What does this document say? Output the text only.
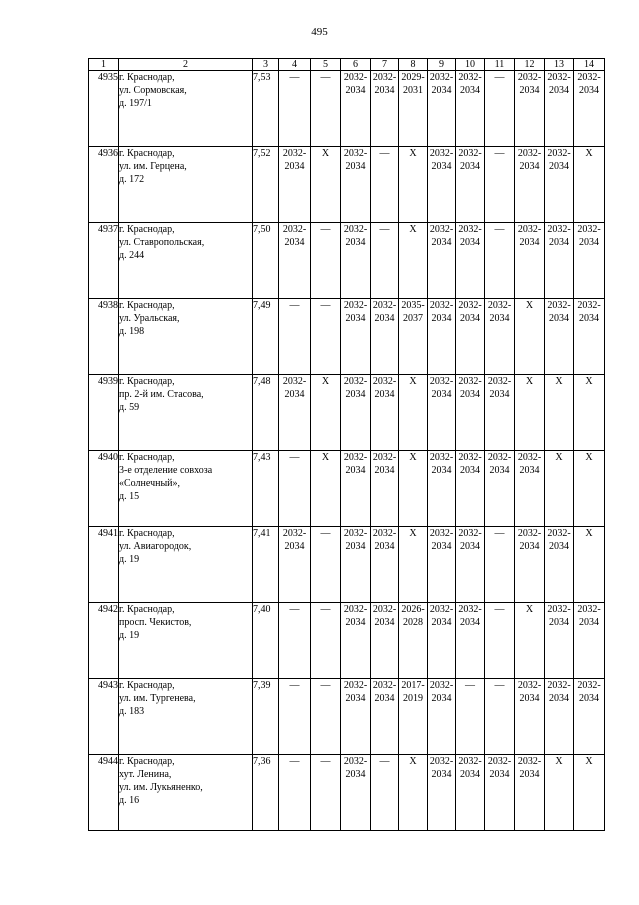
495
1	2	3	4	5	6	7	8	9	10	11	12	13	14
4935	г. Краснодар,
ул. Сормовская,
д. 197/1	7,53	—	—	2032-
2034	2032-
2034	2029-
2031	2032-
2034	2032-
2034	—	2032-
2034	2032-
2034	2032-
2034

4936	г. Краснодар,
ул. им. Герцена,
д. 172	7,52	2032-
2034	X	2032-
2034	—	X	2032-
2034	2032-
2034	—	2032-
2034	2032-
2034	X

4937	г. Краснодар,
ул. Ставропольская,
д. 244	7,50	2032-
2034	—	2032-
2034	—	X	2032-
2034	2032-
2034	—	2032-
2034	2032-
2034	2032-
2034

4938	г. Краснодар,
ул. Уральская,
д. 198	7,49	—	—	2032-
2034	2032-
2034	2035-
2037	2032-
2034	2032-
2034	2032-
2034	X	2032-
2034	2032-
2034

4939	г. Краснодар,
пр. 2-й им. Стасова,
д. 59	7,48	2032-
2034	X	2032-
2034	2032-
2034	X	2032-
2034	2032-
2034	2032-
2034	X	X	X

4940	г. Краснодар,
3-е отделение совхоза
«Солнечный»,
д. 15	7,43	—	X	2032-
2034	2032-
2034	X	2032-
2034	2032-
2034	2032-
2034	2032-
2034	X	X

4941	г. Краснодар,
ул. Авиагородок,
д. 19	7,41	2032-
2034	—	2032-
2034	2032-
2034	X	2032-
2034	2032-
2034	—	2032-
2034	2032-
2034	X

4942	г. Краснодар,
просп. Чекистов,
д. 19	7,40	—	—	2032-
2034	2032-
2034	2026-
2028	2032-
2034	2032-
2034	—	X	2032-
2034	2032-
2034

4943	г. Краснодар,
ул. им. Тургенева,
д. 183	7,39	—	—	2032-
2034	2032-
2034	2017-
2019	2032-
2034	—	—	2032-
2034	2032-
2034	2032-
2034

4944	г. Краснодар,
хут. Ленина,
ул. им. Лукьяненко,
д. 16	7,36	—	—	2032-
2034	—	X	2032-
2034	2032-
2034	2032-
2034	2032-
2034	X	X
